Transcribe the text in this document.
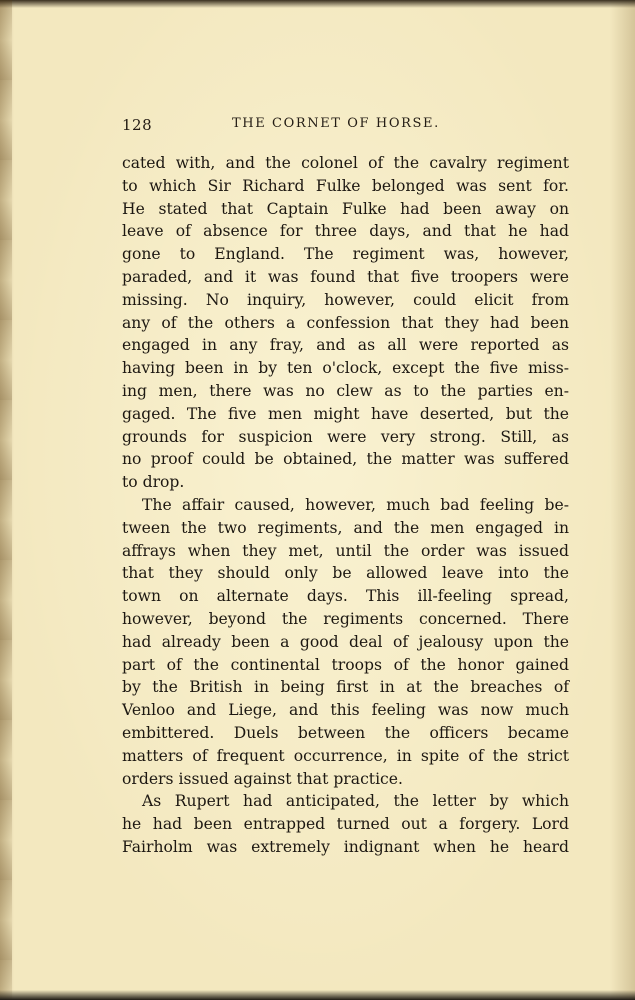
128	THE CORNET OF HORSE.
cated with, and the colonel of the cavalry regiment
to which Sir Richard Fulke belonged was sent for.
He stated that Captain Fulke had been away on
leave of absence for three days, and that he had
gone to England. The regiment was, however,
paraded, and it was found that five troopers were
missing. No inquiry, however, could elicit from
any of the others a confession that they had been
engaged in any fray, and as all were reported as
having been in by ten o'clock, except the five miss-
ing men, there was no clew as to the parties en-
gaged. The five men might have deserted, but the
grounds for suspicion were very strong. Still, as
no proof could be obtained, the matter was suffered
to drop.
The affair caused, however, much bad feeling be-
tween the two regiments, and the men engaged in
affrays when they met, until the order was issued
that they should only be allowed leave into the
town on alternate days. This ill-feeling spread,
however, beyond the regiments concerned. There
had already been a good deal of jealousy upon the
part of the continental troops of the honor gained
by the British in being first in at the breaches of
Venloo and Liege, and this feeling was now much
embittered. Duels between the officers became
matters of frequent occurrence, in spite of the strict
orders issued against that practice.
As Rupert had anticipated, the letter by which
he had been entrapped turned out a forgery. Lord
Fairholm was extremely indignant when he heard
